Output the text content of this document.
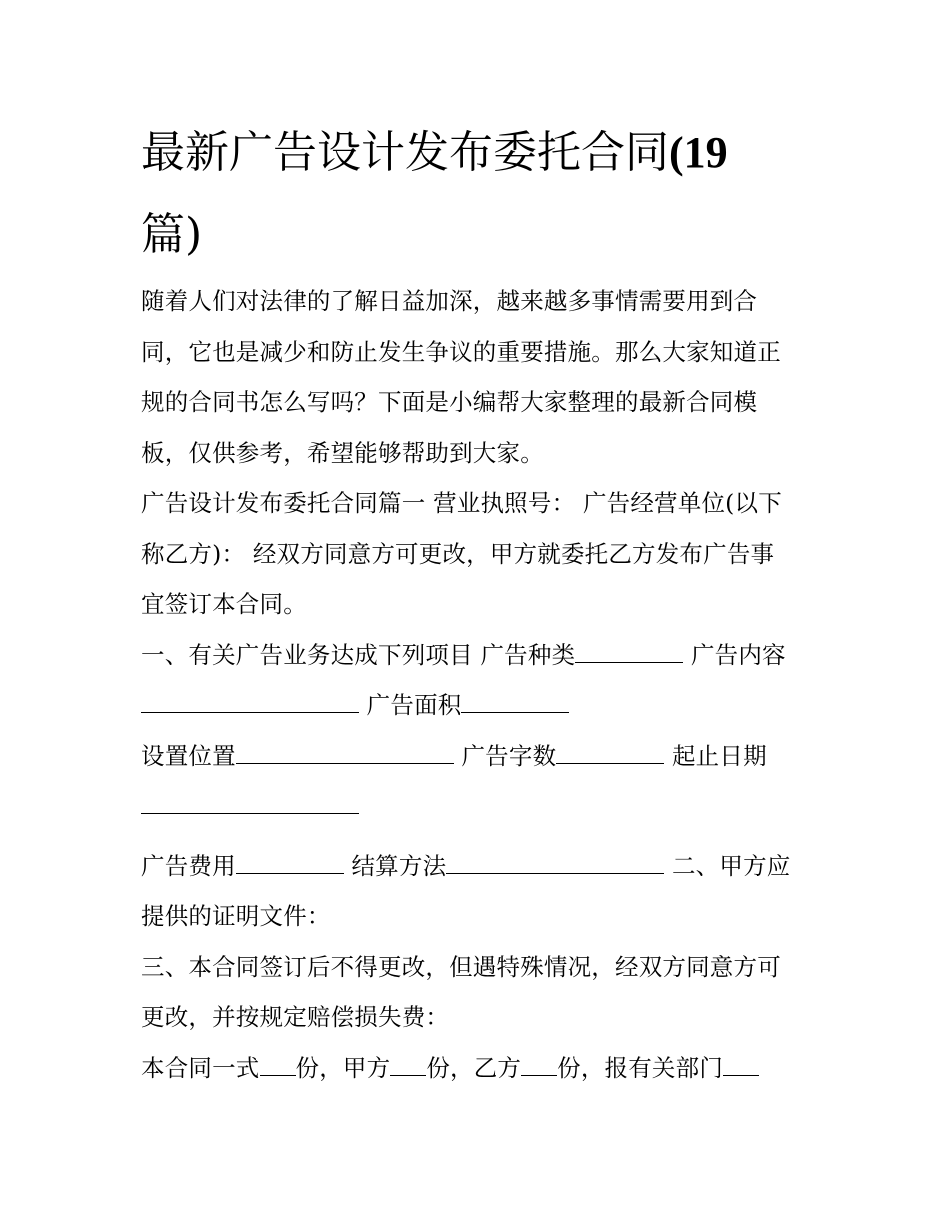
最新广告设计发布委托合同(19
篇)
随着人们对法律的了解日益加深，越来越多事情需要用到合
同，它也是减少和防止发生争议的重要措施。那么大家知道正
规的合同书怎么写吗？下面是小编帮大家整理的最新合同模
板，仅供参考，希望能够帮助到大家。
广告设计发布委托合同篇一 营业执照号： 广告经营单位(以下
称乙方)： 经双方同意方可更改，甲方就委托乙方发布广告事
宜签订本合同。
一、有关广告业务达成下列项目 广告种类	广告内容
广告面积
设置位置	广告字数	起止日期
广告费用	结算方法	二、甲方应
提供的证明文件：
三、本合同签订后不得更改，但遇特殊情况，经双方同意方可
更改，并按规定赔偿损失费：
本合同一式 份，甲方 份，乙方 份，报有关部门
